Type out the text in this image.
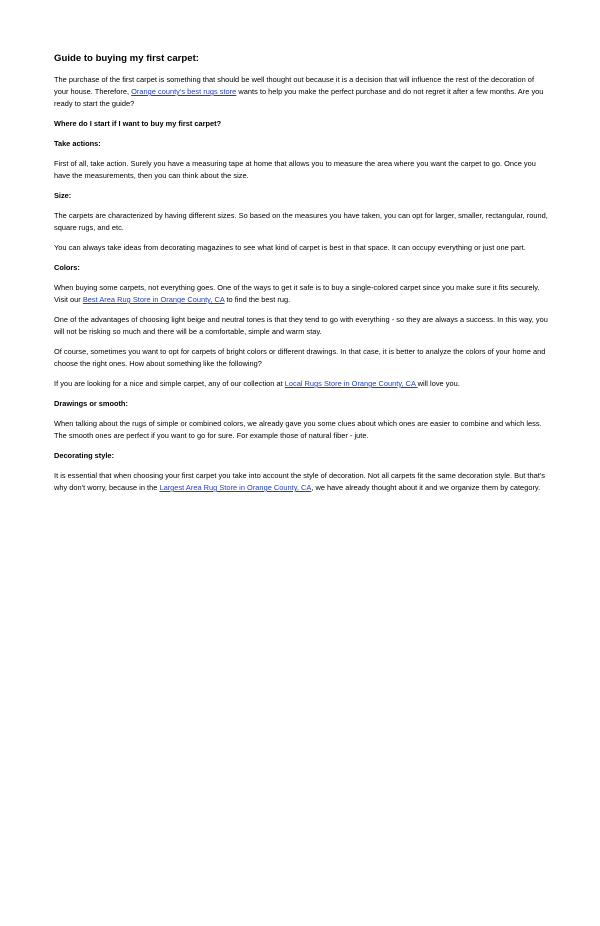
Guide to buying my first carpet:

The purchase of the first carpet is something that should be well thought out because it is a decision that will influence the rest of the decoration of your house. Therefore, Orange county's best rugs store wants to help you make the perfect purchase and do not regret it after a few months. Are you ready to start the guide?

Where do I start if I want to buy my first carpet?

Take actions:

First of all, take action. Surely you have a measuring tape at home that allows you to measure the area where you want the carpet to go. Once you have the measurements, then you can think about the size.

Size:

The carpets are characterized by having different sizes. So based on the measures you have taken, you can opt for larger, smaller, rectangular, round, square rugs, and etc.

You can always take ideas from decorating magazines to see what kind of carpet is best in that space. It can occupy everything or just one part.

Colors:

When buying some carpets, not everything goes. One of the ways to get it safe is to buy a single-colored carpet since you make sure it fits securely. Visit our Best Area Rug Store in Orange County, CA to find the best rug.

One of the advantages of choosing light beige and neutral tones is that they tend to go with everything - so they are always a success. In this way, you will not be risking so much and there will be a comfortable, simple and warm stay.

Of course, sometimes you want to opt for carpets of bright colors or different drawings. In that case, it is better to analyze the colors of your home and choose the right ones. How about something like the following?

If you are looking for a nice and simple carpet, any of our collection at Local Rugs Store in Orange County, CA will love you.

Drawings or smooth:

When talking about the rugs of simple or combined colors, we already gave you some clues about which ones are easier to combine and which less. The smooth ones are perfect if you want to go for sure. For example those of natural fiber - jute.

Decorating style:

It is essential that when choosing your first carpet you take into account the style of decoration. Not all carpets fit the same decoration style. But that's why don't worry, because in the Largest Area Rug Store in Orange County, CA, we have already thought about it and we organize them by category.
